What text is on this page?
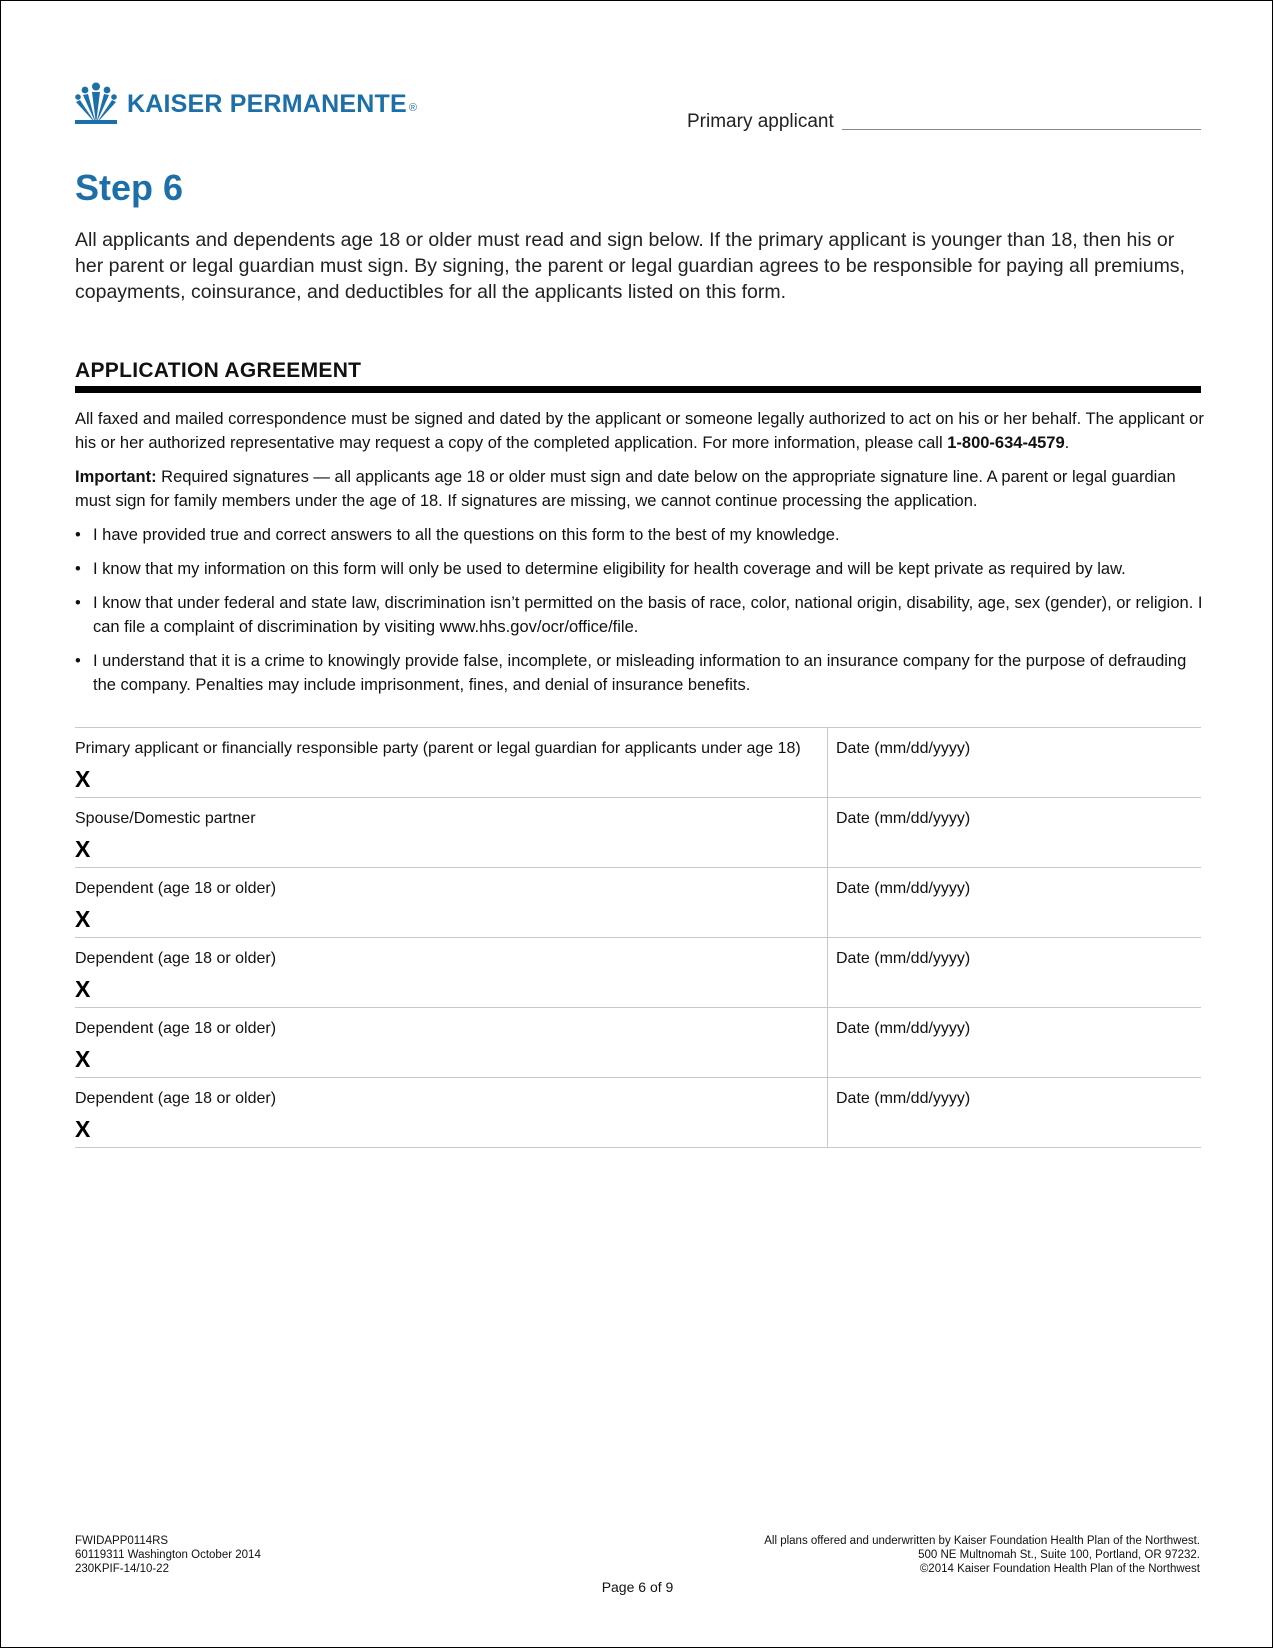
KAISER PERMANENTE ®
Primary applicant
Step 6

All applicants and dependents age 18 or older must read and sign below. If the primary applicant is younger than 18, then his or her parent or legal guardian must sign. By signing, the parent or legal guardian agrees to be responsible for paying all premiums, copayments, coinsurance, and deductibles for all the applicants listed on this form.

APPLICATION AGREEMENT

All faxed and mailed correspondence must be signed and dated by the applicant or someone legally authorized to act on his or her behalf. The applicant or his or her authorized representative may request a copy of the completed application. For more information, please call 1-800-634-4579.

Important: Required signatures — all applicants age 18 or older must sign and date below on the appropriate signature line. A parent or legal guardian must sign for family members under the age of 18. If signatures are missing, we cannot continue processing the application.

• I have provided true and correct answers to all the questions on this form to the best of my knowledge.
• I know that my information on this form will only be used to determine eligibility for health coverage and will be kept private as required by law.
• I know that under federal and state law, discrimination isn’t permitted on the basis of race, color, national origin, disability, age, sex (gender), or religion. I can file a complaint of discrimination by visiting www.hhs.gov/ocr/office/file.
• I understand that it is a crime to knowingly provide false, incomplete, or misleading information to an insurance company for the purpose of defrauding the company. Penalties may include imprisonment, fines, and denial of insurance benefits.
Primary applicant or financially responsible party (parent or legal guardian for applicants under age 18)
X
Date (mm/dd/yyyy)
Spouse/Domestic partner
X
Date (mm/dd/yyyy)
Dependent (age 18 or older)
X
Date (mm/dd/yyyy)
Dependent (age 18 or older)
X
Date (mm/dd/yyyy)
Dependent (age 18 or older)
X
Date (mm/dd/yyyy)
Dependent (age 18 or older)
X
Date (mm/dd/yyyy)
FWIDAPP0114RS
60119311 Washington October 2014
230KPIF-14/10-22
All plans offered and underwritten by Kaiser Foundation Health Plan of the Northwest.
500 NE Multnomah St., Suite 100, Portland, OR 97232.
©2014 Kaiser Foundation Health Plan of the Northwest
Page 6 of 9
